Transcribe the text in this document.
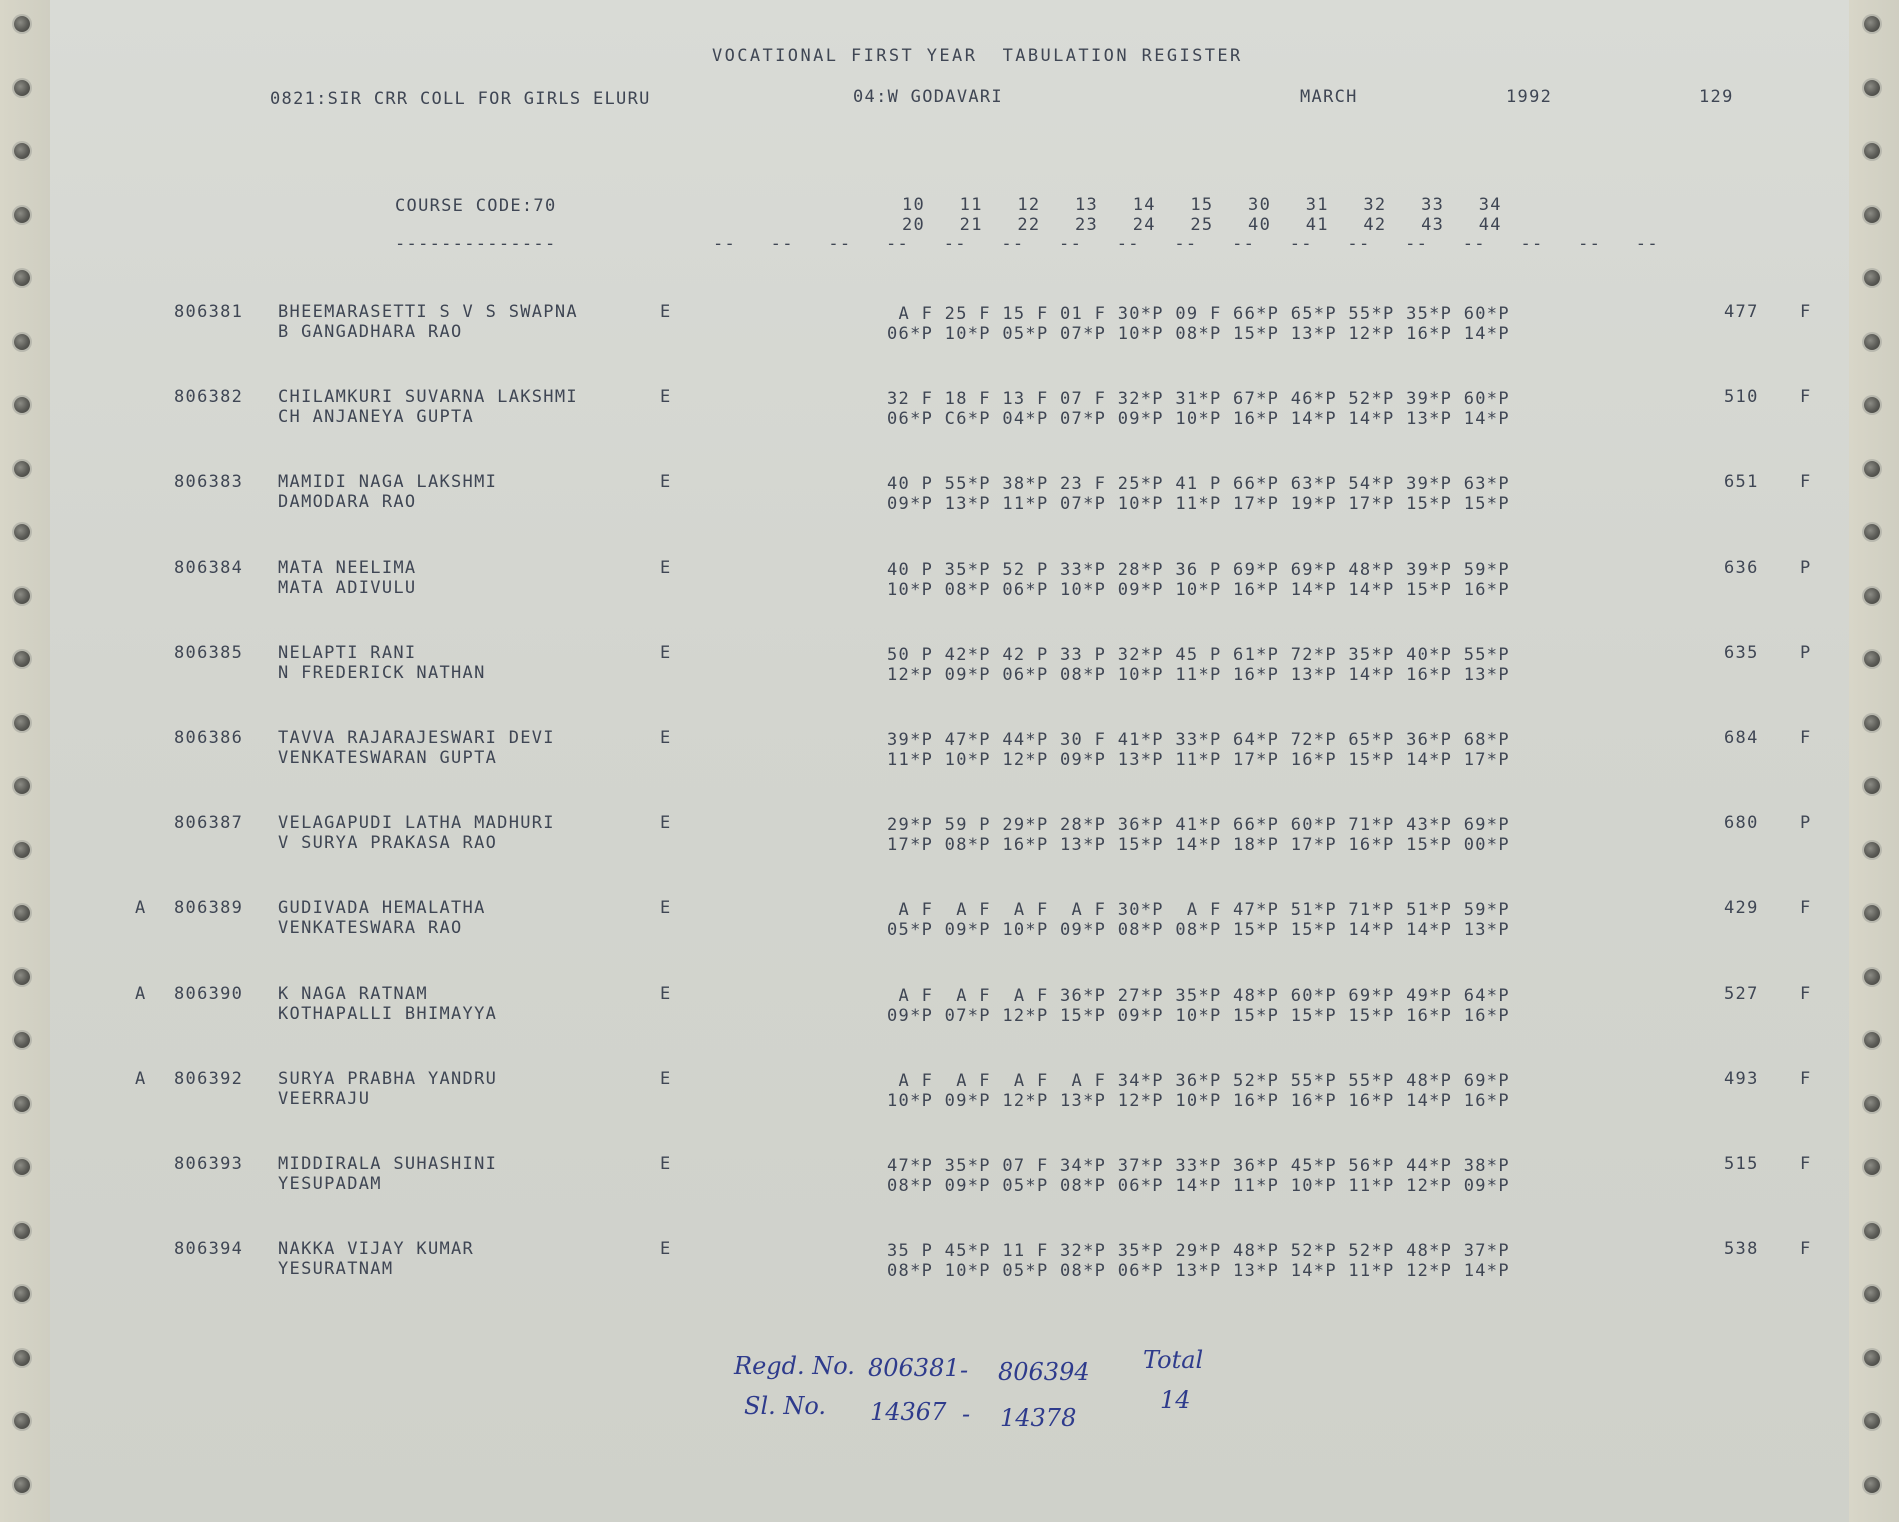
VOCATIONAL FIRST YEAR  TABULATION REGISTER
0821:SIR CRR COLL FOR GIRLS ELURU	04:W GODAVARI	MARCH	1992	129
COURSE CODE:70
--------------
10   11   12   13   14   15   30   31   32   33   34
20   21   22   23   24   25   40   41   42   43   44
--   --   --   --   --   --   --   --   --   --   --   --   --   --   --   --   --
806381 BHEEMARASETTI S V S SWAPNA
B GANGADHARA RAO
E	A F 25 F 15 F 01 F 30*P 09 F 66*P 65*P 55*P 35*P 60*P
06*P 10*P 05*P 07*P 10*P 08*P 15*P 13*P 12*P 16*P 14*P
477 F
806382 CHILAMKURI SUVARNA LAKSHMI
CH ANJANEYA GUPTA
E	32 F 18 F 13 F 07 F 32*P 31*P 67*P 46*P 52*P 39*P 60*P
06*P C6*P 04*P 07*P 09*P 10*P 16*P 14*P 14*P 13*P 14*P
510 F
806383 MAMIDI NAGA LAKSHMI
DAMODARA RAO
E	40 P 55*P 38*P 23 F 25*P 41 P 66*P 63*P 54*P 39*P 63*P
09*P 13*P 11*P 07*P 10*P 11*P 17*P 19*P 17*P 15*P 15*P
651 F
806384 MATA NEELIMA
MATA ADIVULU
E	40 P 35*P 52 P 33*P 28*P 36 P 69*P 69*P 48*P 39*P 59*P
10*P 08*P 06*P 10*P 09*P 10*P 16*P 14*P 14*P 15*P 16*P
636 P
806385 NELAPTI RANI
N FREDERICK NATHAN
E	50 P 42*P 42 P 33 P 32*P 45 P 61*P 72*P 35*P 40*P 55*P
12*P 09*P 06*P 08*P 10*P 11*P 16*P 13*P 14*P 16*P 13*P
635 P
806386 TAVVA RAJARAJESWARI DEVI
VENKATESWARAN GUPTA
E	39*P 47*P 44*P 30 F 41*P 33*P 64*P 72*P 65*P 36*P 68*P
11*P 10*P 12*P 09*P 13*P 11*P 17*P 16*P 15*P 14*P 17*P
684 F
806387 VELAGAPUDI LATHA MADHURI
V SURYA PRAKASA RAO
E	29*P 59 P 29*P 28*P 36*P 41*P 66*P 60*P 71*P 43*P 69*P
17*P 08*P 16*P 13*P 15*P 14*P 18*P 17*P 16*P 15*P 00*P
680 P
A 806389 GUDIVADA HEMALATHA
VENKATESWARA RAO
E	A F  A F  A F  A F 30*P  A F 47*P 51*P 71*P 51*P 59*P
05*P 09*P 10*P 09*P 08*P 08*P 15*P 15*P 14*P 14*P 13*P
429 F
A 806390 K NAGA RATNAM
KOTHAPALLI BHIMAYYA
E	A F  A F  A F 36*P 27*P 35*P 48*P 60*P 69*P 49*P 64*P
09*P 07*P 12*P 15*P 09*P 10*P 15*P 15*P 15*P 16*P 16*P
527 F
A 806392 SURYA PRABHA YANDRU
VEERRAJU
E	A F  A F  A F  A F 34*P 36*P 52*P 55*P 55*P 48*P 69*P
10*P 09*P 12*P 13*P 12*P 10*P 16*P 16*P 16*P 14*P 16*P
493 F
806393 MIDDIRALA SUHASHINI
YESUPADAM
E	47*P 35*P 07 F 34*P 37*P 33*P 36*P 45*P 56*P 44*P 38*P
08*P 09*P 05*P 08*P 06*P 14*P 11*P 10*P 11*P 12*P 09*P
515 F
806394 NAKKA VIJAY KUMAR
YESURATNAM
E	35 P 45*P 11 F 32*P 35*P 29*P 48*P 52*P 52*P 48*P 37*P
08*P 10*P 05*P 08*P 06*P 13*P 13*P 14*P 11*P 12*P 14*P
538 F
Regd. No. 806381 - 806394
Sl. No. 14367 - 14378
Total
14
